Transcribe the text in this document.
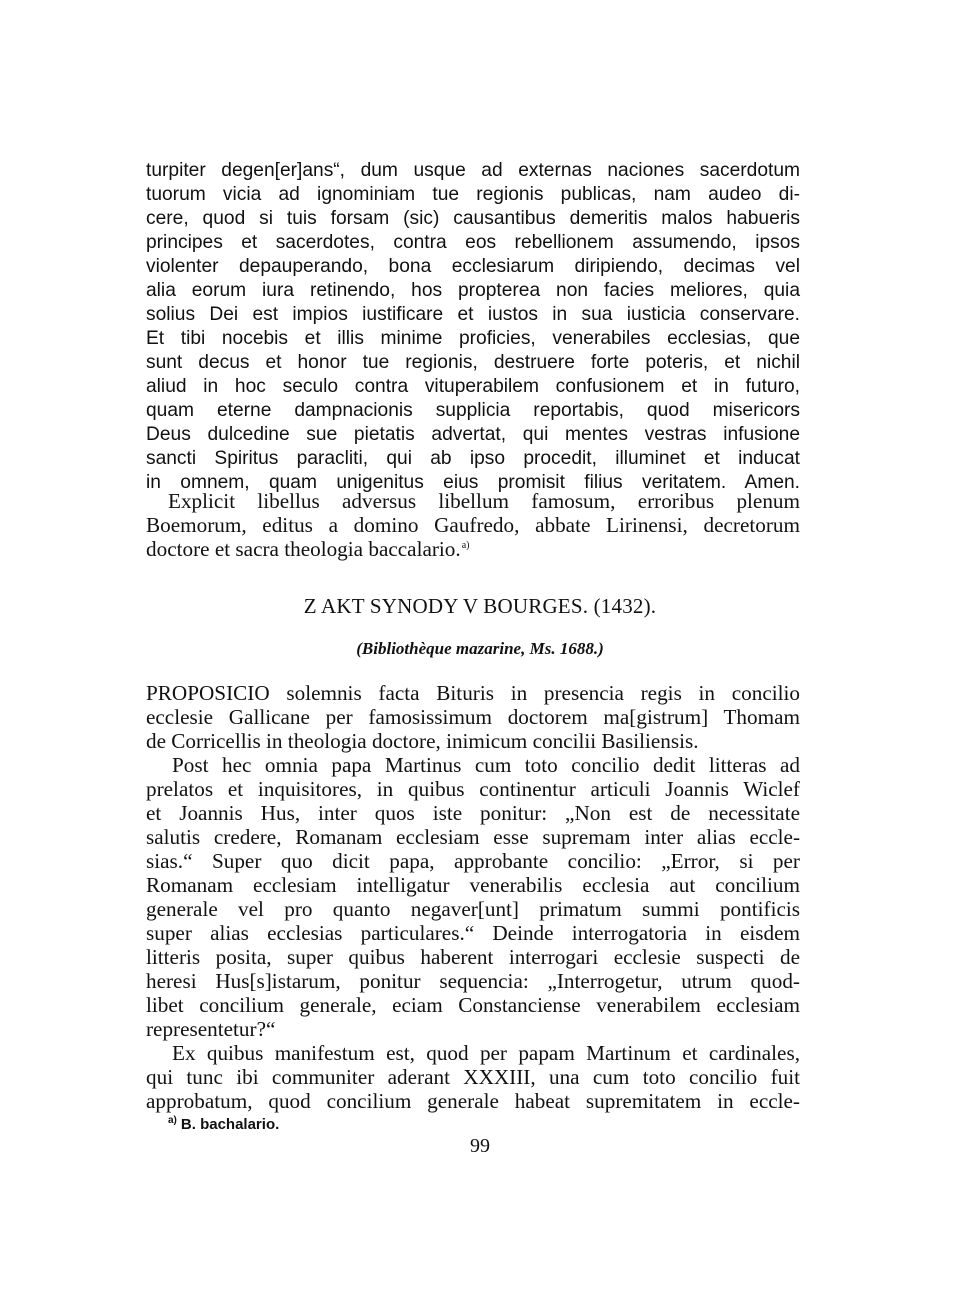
turpiter degen[er]ans“, dum usque ad externas naciones sacerdotum
tuorum vicia ad ignominiam tue regionis publicas, nam audeo di-
cere, quod si tuis forsam (sic) causantibus demeritis malos habueris
principes et sacerdotes, contra eos rebellionem assumendo, ipsos
violenter depauperando, bona ecclesiarum diripiendo, decimas vel
alia eorum iura retinendo, hos propterea non facies meliores, quia
solius Dei est impios iustificare et iustos in sua iusticia conservare.
Et tibi nocebis et illis minime proficies, venerabiles ecclesias, que
sunt decus et honor tue regionis, destruere forte poteris, et nichil
aliud in hoc seculo contra vituperabilem confusionem et in futuro,
quam eterne dampnacionis supplicia reportabis, quod misericors
Deus dulcedine sue pietatis advertat, qui mentes vestras infusione
sancti Spiritus paracliti, qui ab ipso procedit, illuminet et inducat
in omnem, quam unigenitus eius promisit filius veritatem. Amen.
Explicit libellus adversus libellum famosum, erroribus plenum
Boemorum, editus a domino Gaufredo, abbate Lirinensi, decretorum
doctore et sacra theologia baccalario.$^{a)}$
Z AKT SYNODY V BOURGES. (1432).
(Bibliothèque mazarine, Ms. 1688.)
PROPOSICIO solemnis facta Bituris in presencia regis in concilio
ecclesie Gallicane per famosissimum doctorem ma[gistrum] Thomam
de Corricellis in theologia doctore, inimicum concilii Basiliensis.
Post hec omnia papa Martinus cum toto concilio dedit litteras ad
prelatos et inquisitores, in quibus continentur articuli Joannis Wiclef
et Joannis Hus, inter quos iste ponitur: „Non est de necessitate
salutis credere, Romanam ecclesiam esse supremam inter alias eccle-
sias.“ Super quo dicit papa, approbante concilio: „Error, si per
Romanam ecclesiam intelligatur venerabilis ecclesia aut concilium
generale vel pro quanto negaver[unt] primatum summi pontificis
super alias ecclesias particulares.“ Deinde interrogatoria in eisdem
litteris posita, super quibus haberent interrogari ecclesie suspecti de
heresi Hus[s]istarum, ponitur sequencia: „Interrogetur, utrum quod-
libet concilium generale, eciam Constanciense venerabilem ecclesiam
representetur?“
Ex quibus manifestum est, quod per papam Martinum et cardinales,
qui tunc ibi communiter aderant XXXIII, una cum toto concilio fuit
approbatum, quod concilium generale habeat supremitatem in eccle-
$^{a)}$ B. bachalario.
99
